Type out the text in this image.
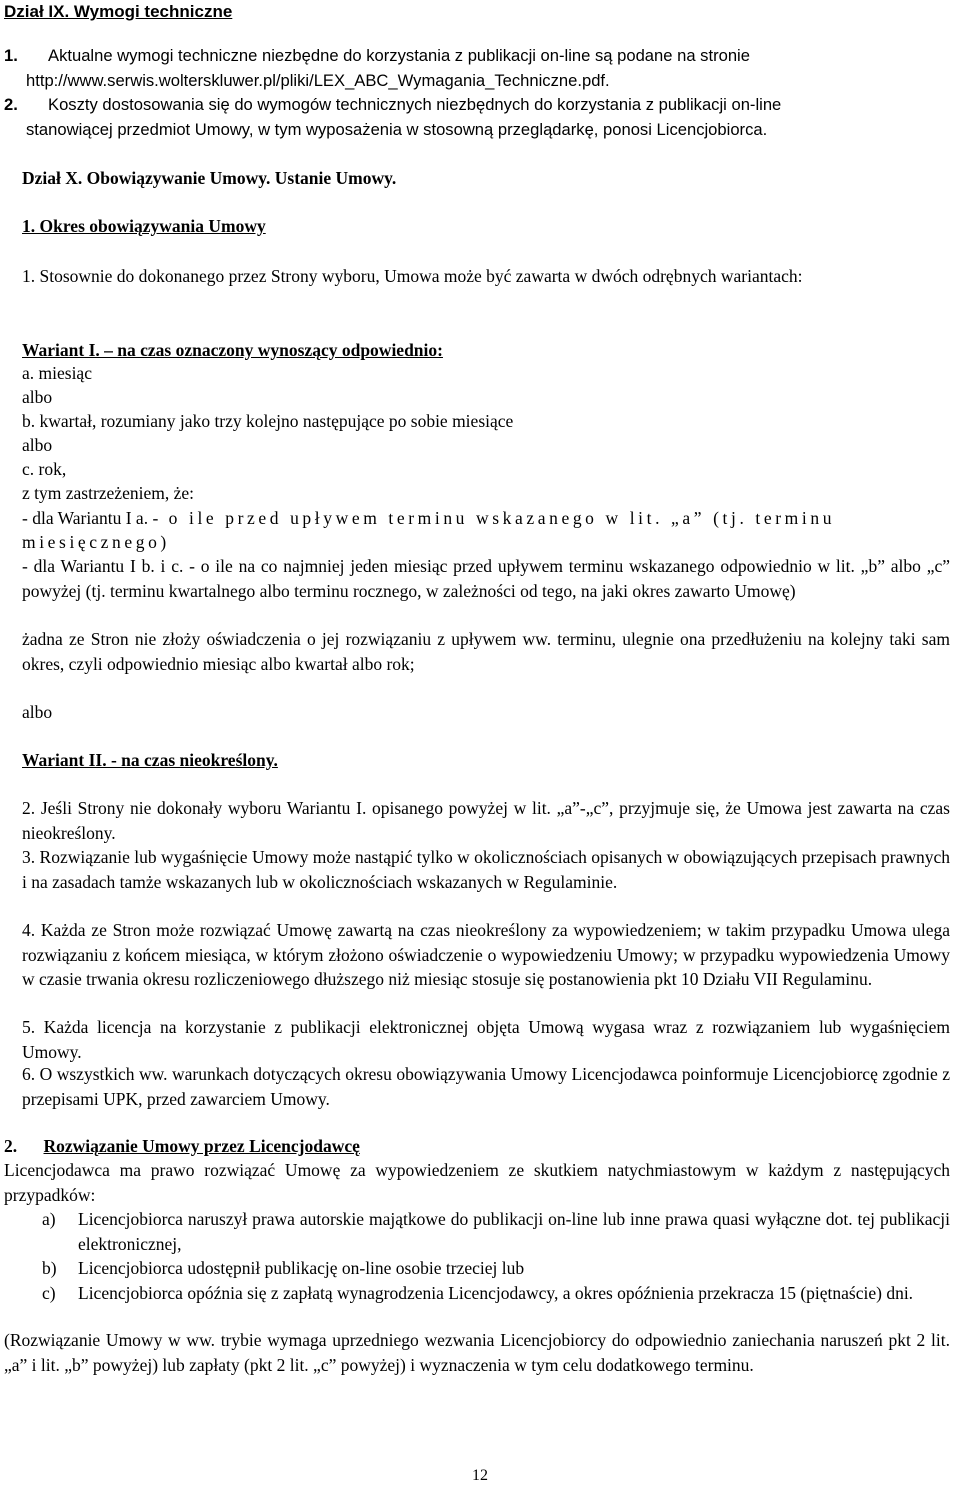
Dział IX. Wymogi techniczne
1. Aktualne wymogi techniczne niezbędne do korzystania z publikacji on-line są podane na stronie
http://www.serwis.wolterskluwer.pl/pliki/LEX_ABC_Wymagania_Techniczne.pdf.
2. Koszty dostosowania się do wymogów technicznych niezbędnych do korzystania z publikacji on-line
stanowiącej przedmiot Umowy, w tym wyposażenia w stosowną przeglądarkę, ponosi Licencjobiorca.
Dział X. Obowiązywanie Umowy. Ustanie Umowy.
1. Okres obowiązywania Umowy
1. Stosownie do dokonanego przez Strony wyboru, Umowa może być zawarta w dwóch odrębnych wariantach:
Wariant I. – na czas oznaczony wynoszący odpowiednio:
a. miesiąc
albo
b. kwartał, rozumiany jako trzy kolejno następujące po sobie miesiące
albo
c. rok,
z tym zastrzeżeniem, że:
- dla Wariantu I a. - o ile przed upływem terminu wskazanego w lit. „a” (tj. terminu
miesięcznego)
- dla Wariantu I b. i c. - o ile na co najmniej jeden miesiąc przed upływem terminu wskazanego odpowiednio w lit. „b” albo „c” powyżej (tj. terminu kwartalnego albo terminu rocznego, w zależności od tego, na jaki okres zawarto Umowę)
żadna ze Stron nie złoży oświadczenia o jej rozwiązaniu z upływem ww. terminu, ulegnie ona przedłużeniu na kolejny taki sam okres, czyli odpowiednio miesiąc albo kwartał albo rok;
albo
Wariant II. - na czas nieokreślony.
2. Jeśli Strony nie dokonały wyboru Wariantu I. opisanego powyżej w lit. „a”-„c”, przyjmuje się, że Umowa jest zawarta na czas nieokreślony.
3. Rozwiązanie lub wygaśnięcie Umowy może nastąpić tylko w okolicznościach opisanych w obowiązujących przepisach prawnych i na zasadach tamże wskazanych lub w okolicznościach wskazanych w Regulaminie.
4. Każda ze Stron może rozwiązać Umowę zawartą na czas nieokreślony za wypowiedzeniem; w takim przypadku Umowa ulega rozwiązaniu z końcem miesiąca, w którym złożono oświadczenie o wypowiedzeniu Umowy; w przypadku wypowiedzenia Umowy w czasie trwania okresu rozliczeniowego dłuższego niż miesiąc stosuje się postanowienia pkt 10 Działu VII Regulaminu.
5. Każda licencja na korzystanie z publikacji elektronicznej objęta Umową wygasa wraz z rozwiązaniem lub wygaśnięciem Umowy.
6. O wszystkich ww. warunkach dotyczących okresu obowiązywania Umowy Licencjodawca poinformuje Licencjobiorcę zgodnie z przepisami UPK, przed zawarciem Umowy.
2. Rozwiązanie Umowy przez Licencjodawcę
Licencjodawca ma prawo rozwiązać Umowę za wypowiedzeniem ze skutkiem natychmiastowym w każdym z następujących przypadków:
a) Licencjobiorca naruszył prawa autorskie majątkowe do publikacji on-line lub inne prawa quasi wyłączne dot. tej publikacji elektronicznej,
b) Licencjobiorca udostępnił publikację on-line osobie trzeciej lub
c) Licencjobiorca opóźnia się z zapłatą wynagrodzenia Licencjodawcy, a okres opóźnienia przekracza 15 (piętnaście) dni.
(Rozwiązanie Umowy w ww. trybie wymaga uprzedniego wezwania Licencjobiorcy do odpowiednio zaniechania naruszeń pkt 2 lit. „a” i lit. „b” powyżej) lub zapłaty (pkt 2 lit. „c” powyżej) i wyznaczenia w tym celu dodatkowego terminu.
12
